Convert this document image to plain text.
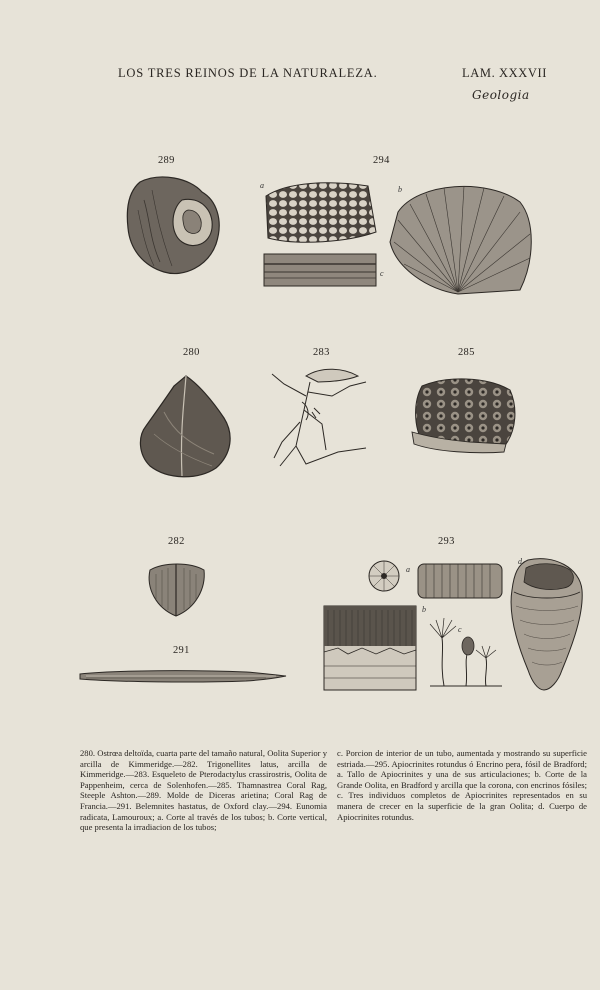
LOS TRES REINOS DE LA NATURALEZA.	LAM. XXXVII
Geologia
289	294
280	283	285
282	293
291
a
c
b
a
b
c
d
280. Ostrœa deltoïda, cuarta parte del tamaño natural, Oolita Superior y arcilla de Kimmeridge.—282. Trigonellites latus, arcilla de Kimmeridge.—283. Esqueleto de Pterodactylus crassirostris, Oolita de Pappenheim, cerca de Solenhofen.—285. Thamnastrea Coral Rag, Steeple Ashton.—289. Molde de Diceras arietina; Coral Rag de Francia.—291. Belemnites hastatus, de Oxford clay.—294. Eunomia radicata, Lamouroux; a. Corte al través de los tubos; b. Corte vertical, que presenta la irradiacion de los tubos;
c. Porcion de interior de un tubo, aumentada y mostrando su superficie estriada.—295. Apiocrinites rotundus ó Encrino pera, fósil de Bradford; a. Tallo de Apiocrinites y una de sus articulaciones; b. Corte de la Grande Oolita, en Bradford y arcilla que la corona, con encrinos fósiles; c. Tres individuos completos de Apiocrinites representados en su manera de crecer en la superficie de la gran Oolita; d. Cuerpo de Apiocrinites rotundus.
